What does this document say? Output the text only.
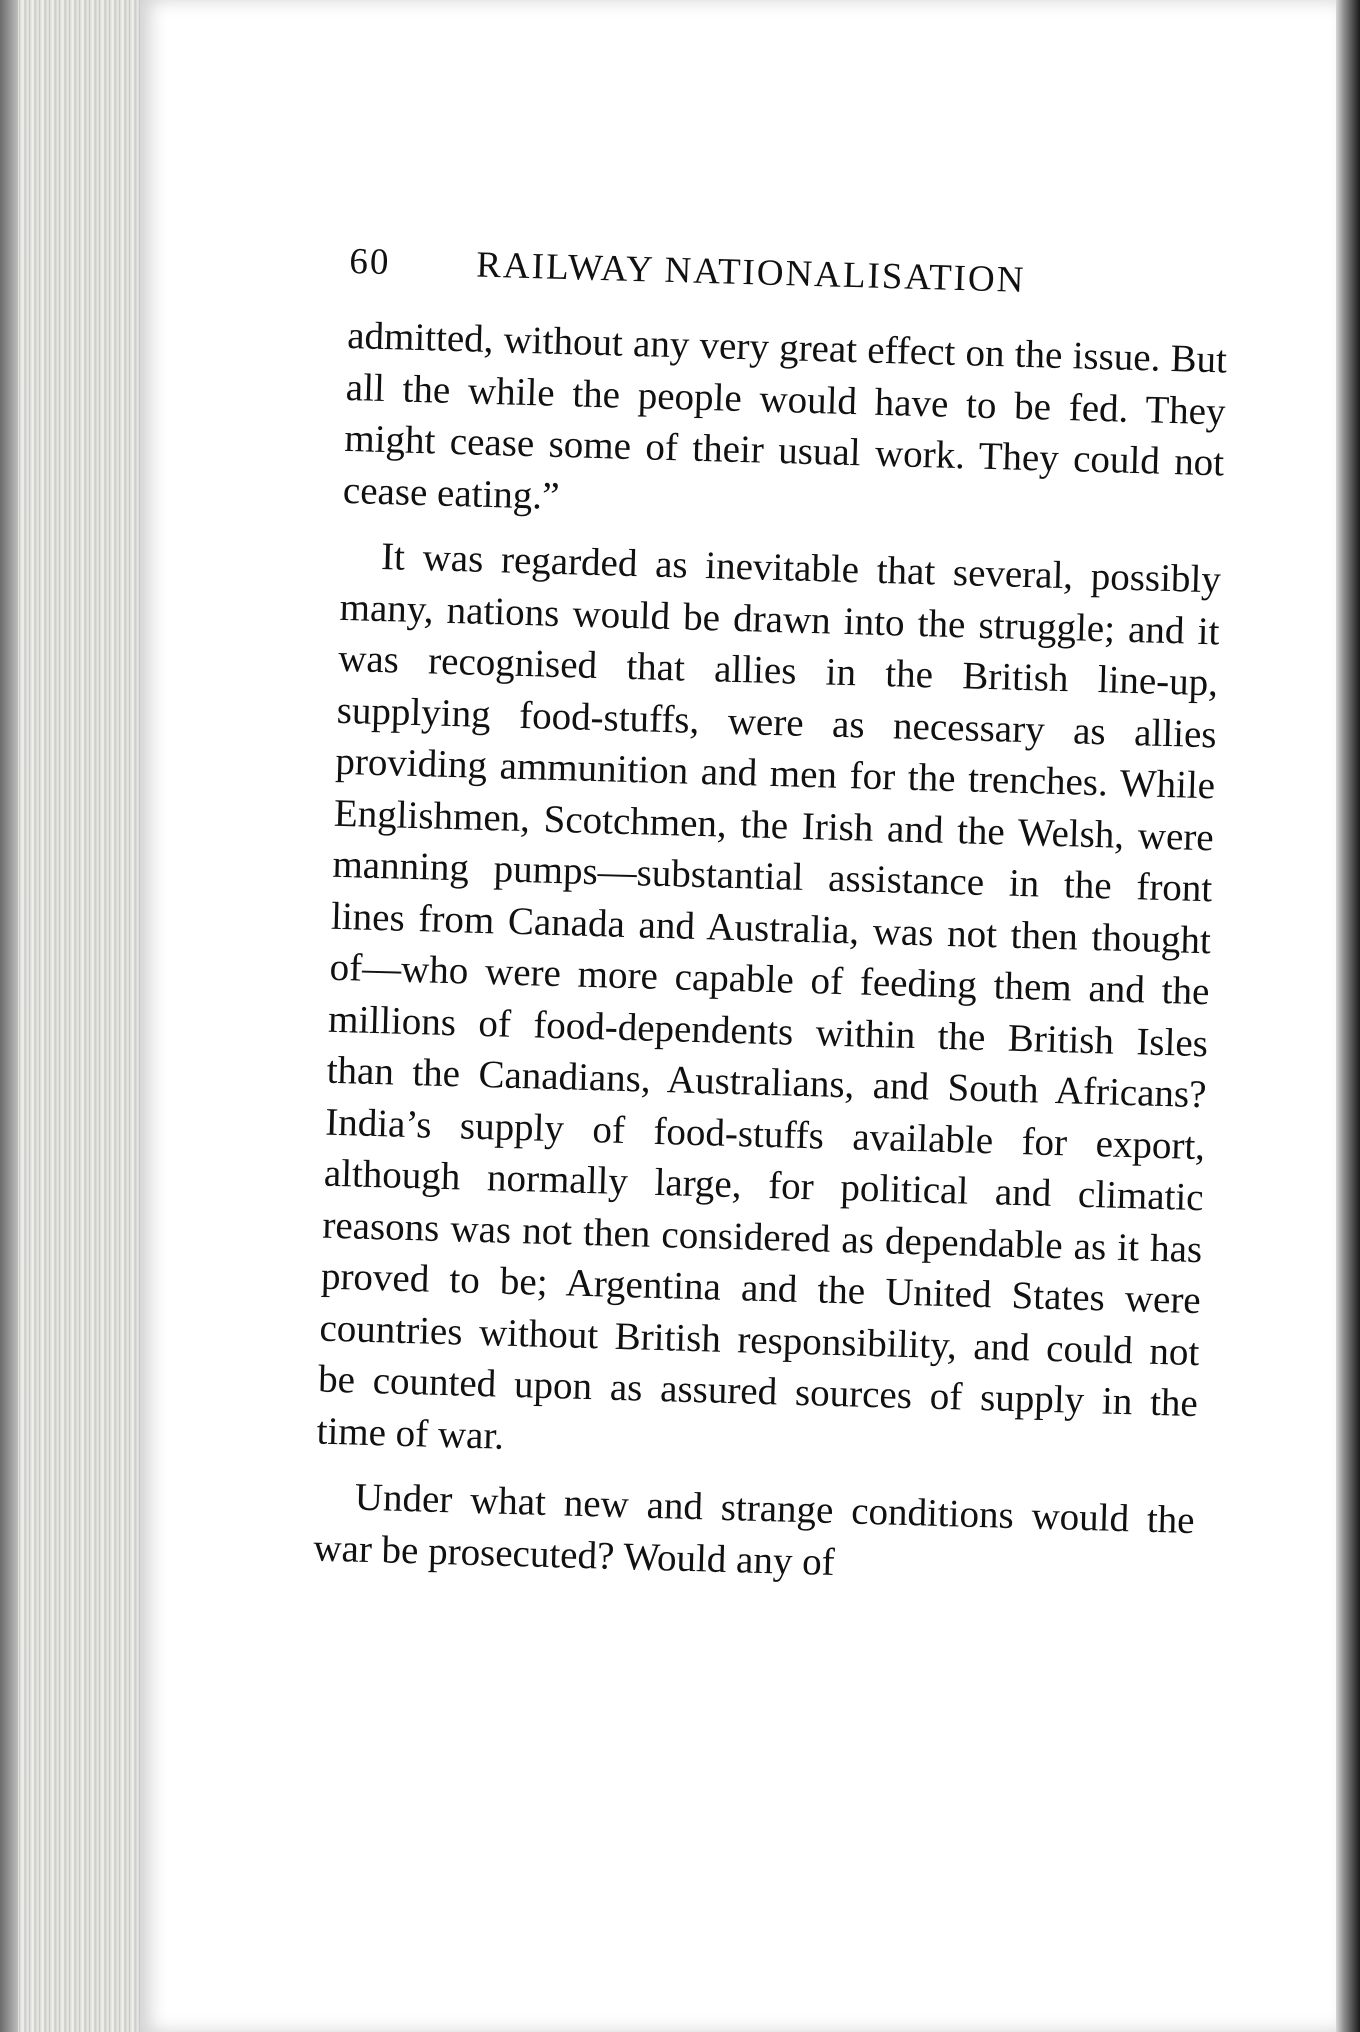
60 RAILWAY NATIONALISATION

admitted, without any very great effect on the issue. But all the while the people would have to be fed. They might cease some of their usual work. They could not cease eating.”

It was regarded as inevitable that several, possibly many, nations would be drawn into the struggle; and it was recognised that allies in the British line-up, supplying food-stuffs, were as necessary as allies providing ammunition and men for the trenches. While Englishmen, Scotchmen, the Irish and the Welsh, were manning pumps—substantial assistance in the front lines from Canada and Australia, was not then thought of—who were more capable of feeding them and the millions of food-dependents within the British Isles than the Canadians, Australians, and South Africans? India’s supply of food-stuffs available for export, although normally large, for political and climatic reasons was not then considered as dependable as it has proved to be; Argentina and the United States were countries without British responsibility, and could not be counted upon as assured sources of supply in the time of war.

Under what new and strange conditions would the war be prosecuted? Would any of
